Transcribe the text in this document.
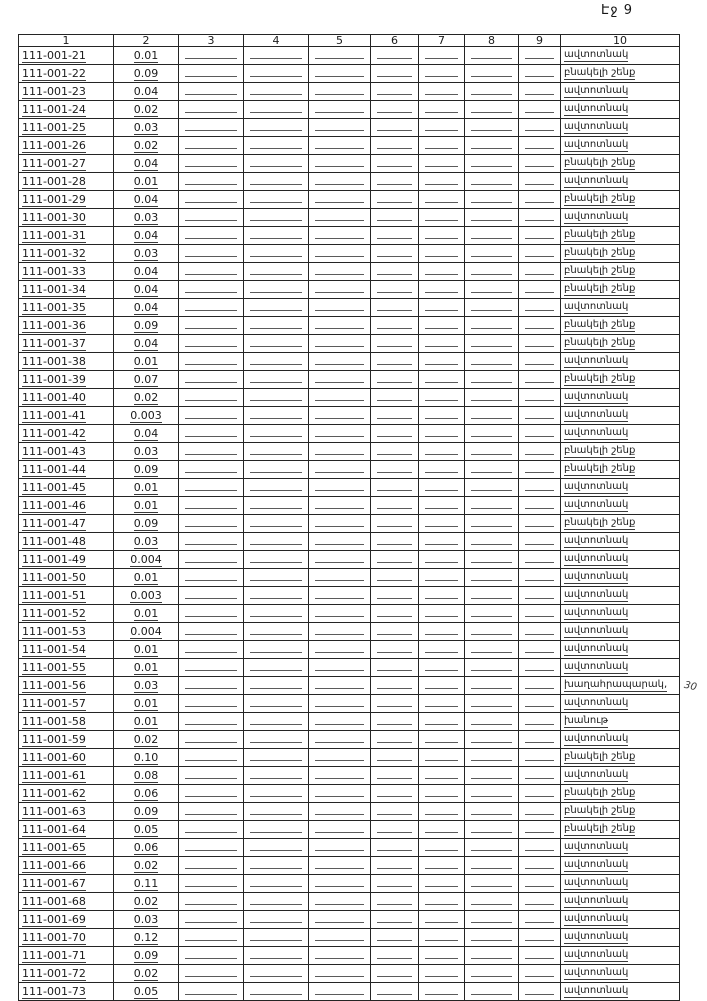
Էջ 9
30
1	2	3	4	5	6	7	8	9	10
111-001-21	0.01								ավտոտնակ
111-001-22	0.09								բնակելի շենք
111-001-23	0.04								ավտոտնակ
111-001-24	0.02								ավտոտնակ
111-001-25	0.03								ավտոտնակ
111-001-26	0.02								ավտոտնակ
111-001-27	0.04								բնակելի շենք
111-001-28	0.01								ավտոտնակ
111-001-29	0.04								բնակելի շենք
111-001-30	0.03								ավտոտնակ
111-001-31	0.04								բնակելի շենք
111-001-32	0.03								բնակելի շենք
111-001-33	0.04								բնակելի շենք
111-001-34	0.04								բնակելի շենք
111-001-35	0.04								ավտոտնակ
111-001-36	0.09								բնակելի շենք
111-001-37	0.04								բնակելի շենք
111-001-38	0.01								ավտոտնակ
111-001-39	0.07								բնակելի շենք
111-001-40	0.02								ավտոտնակ
111-001-41	0.003								ավտոտնակ
111-001-42	0.04								ավտոտնակ
111-001-43	0.03								բնակելի շենք
111-001-44	0.09								բնակելի շենք
111-001-45	0.01								ավտոտնակ
111-001-46	0.01								ավտոտնակ
111-001-47	0.09								բնակելի շենք
111-001-48	0.03								ավտոտնակ
111-001-49	0.004								ավտոտնակ
111-001-50	0.01								ավտոտնակ
111-001-51	0.003								ավտոտնակ
111-001-52	0.01								ավտոտնակ
111-001-53	0.004								ավտոտնակ
111-001-54	0.01								ավտոտնակ
111-001-55	0.01								ավտոտնակ
111-001-56	0.03								խաղահրապարակ,
111-001-57	0.01								ավտոտնակ
111-001-58	0.01								խանութ
111-001-59	0.02								ավտոտնակ
111-001-60	0.10								բնակելի շենք
111-001-61	0.08								ավտոտնակ
111-001-62	0.06								բնակելի շենք
111-001-63	0.09								բնակելի շենք
111-001-64	0.05								բնակելի շենք
111-001-65	0.06								ավտոտնակ
111-001-66	0.02								ավտոտնակ
111-001-67	0.11								ավտոտնակ
111-001-68	0.02								ավտոտնակ
111-001-69	0.03								ավտոտնակ
111-001-70	0.12								ավտոտնակ
111-001-71	0.09								ավտոտնակ
111-001-72	0.02								ավտոտնակ
111-001-73	0.05								ավտոտնակ
